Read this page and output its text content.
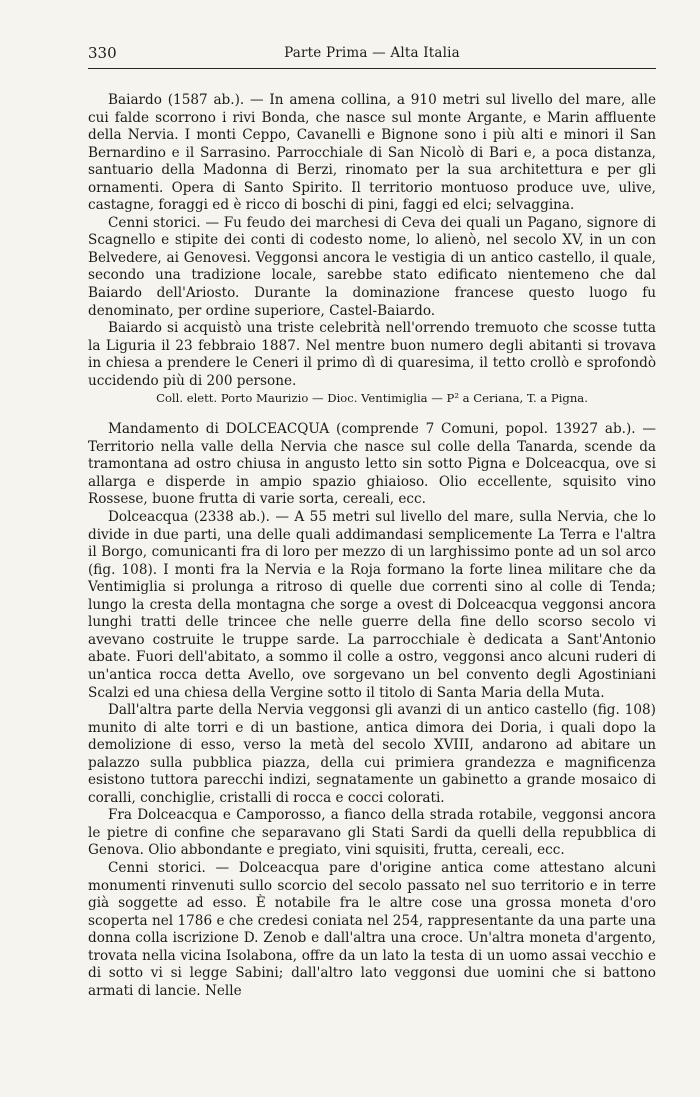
330	Parte Prima — Alta Italia

Baiardo (1587 ab.). — In amena collina, a 910 metri sul livello del mare, alle cui falde scorrono i rivi Bonda, che nasce sul monte Argante, e Marin affluente della Nervia. I monti Ceppo, Cavanelli e Bignone sono i più alti e minori il San Bernardino e il Sarrasino. Parrocchiale di San Nicolò di Bari e, a poca distanza, santuario della Madonna di Berzi, rinomato per la sua architettura e per gli ornamenti. Opera di Santo Spirito. Il territorio montuoso produce uve, ulive, castagne, foraggi ed è ricco di boschi di pini, faggi ed elci; selvaggina.

Cenni storici. — Fu feudo dei marchesi di Ceva dei quali un Pagano, signore di Scagnello e stipite dei conti di codesto nome, lo alienò, nel secolo XV, in un con Belvedere, ai Genovesi. Veggonsi ancora le vestigia di un antico castello, il quale, secondo una tradizione locale, sarebbe stato edificato nientemeno che dal Baiardo dell'Ariosto. Durante la dominazione francese questo luogo fu denominato, per ordine superiore, Castel-Baiardo.

Baiardo si acquistò una triste celebrità nell'orrendo tremuoto che scosse tutta la Liguria il 23 febbraio 1887. Nel mentre buon numero degli abitanti si trovava in chiesa a prendere le Ceneri il primo dì di quaresima, il tetto crollò e sprofondò uccidendo più di 200 persone.

Coll. elett. Porto Maurizio — Dioc. Ventimiglia — P² a Ceriana, T. a Pigna.

Mandamento di DOLCEACQUA (comprende 7 Comuni, popol. 13927 ab.). — Territorio nella valle della Nervia che nasce sul colle della Tanarda, scende da tramontana ad ostro chiusa in angusto letto sin sotto Pigna e Dolceacqua, ove si allarga e disperde in ampio spazio ghiaioso. Olio eccellente, squisito vino Rossese, buone frutta di varie sorta, cereali, ecc.

Dolceacqua (2338 ab.). — A 55 metri sul livello del mare, sulla Nervia, che lo divide in due parti, una delle quali addimandasi semplicemente La Terra e l'altra il Borgo, comunicanti fra di loro per mezzo di un larghissimo ponte ad un sol arco (fig. 108). I monti fra la Nervia e la Roja formano la forte linea militare che da Ventimiglia si prolunga a ritroso di quelle due correnti sino al colle di Tenda; lungo la cresta della montagna che sorge a ovest di Dolceacqua veggonsi ancora lunghi tratti delle trincee che nelle guerre della fine dello scorso secolo vi avevano costruite le truppe sarde. La parrocchiale è dedicata a Sant'Antonio abate. Fuori dell'abitato, a sommo il colle a ostro, veggonsi anco alcuni ruderi di un'antica rocca detta Avello, ove sorgevano un bel convento degli Agostiniani Scalzi ed una chiesa della Vergine sotto il titolo di Santa Maria della Muta.

Dall'altra parte della Nervia veggonsi gli avanzi di un antico castello (fig. 108) munito di alte torri e di un bastione, antica dimora dei Doria, i quali dopo la demolizione di esso, verso la metà del secolo XVIII, andarono ad abitare un palazzo sulla pubblica piazza, della cui primiera grandezza e magnificenza esistono tuttora parecchi indizi, segnatamente un gabinetto a grande mosaico di coralli, conchiglie, cristalli di rocca e cocci colorati.

Fra Dolceacqua e Camporosso, a fianco della strada rotabile, veggonsi ancora le pietre di confine che separavano gli Stati Sardi da quelli della repubblica di Genova. Olio abbondante e pregiato, vini squisiti, frutta, cereali, ecc.

Cenni storici. — Dolceacqua pare d'origine antica come attestano alcuni monumenti rinvenuti sullo scorcio del secolo passato nel suo territorio e in terre già soggette ad esso. È notabile fra le altre cose una grossa moneta d'oro scoperta nel 1786 e che credesi coniata nel 254, rappresentante da una parte una donna colla iscrizione D. Zenob e dall'altra una croce. Un'altra moneta d'argento, trovata nella vicina Isolabona, offre da un lato la testa di un uomo assai vecchio e di sotto vi si legge Sabini; dall'altro lato veggonsi due uomini che si battono armati di lancie. Nelle
